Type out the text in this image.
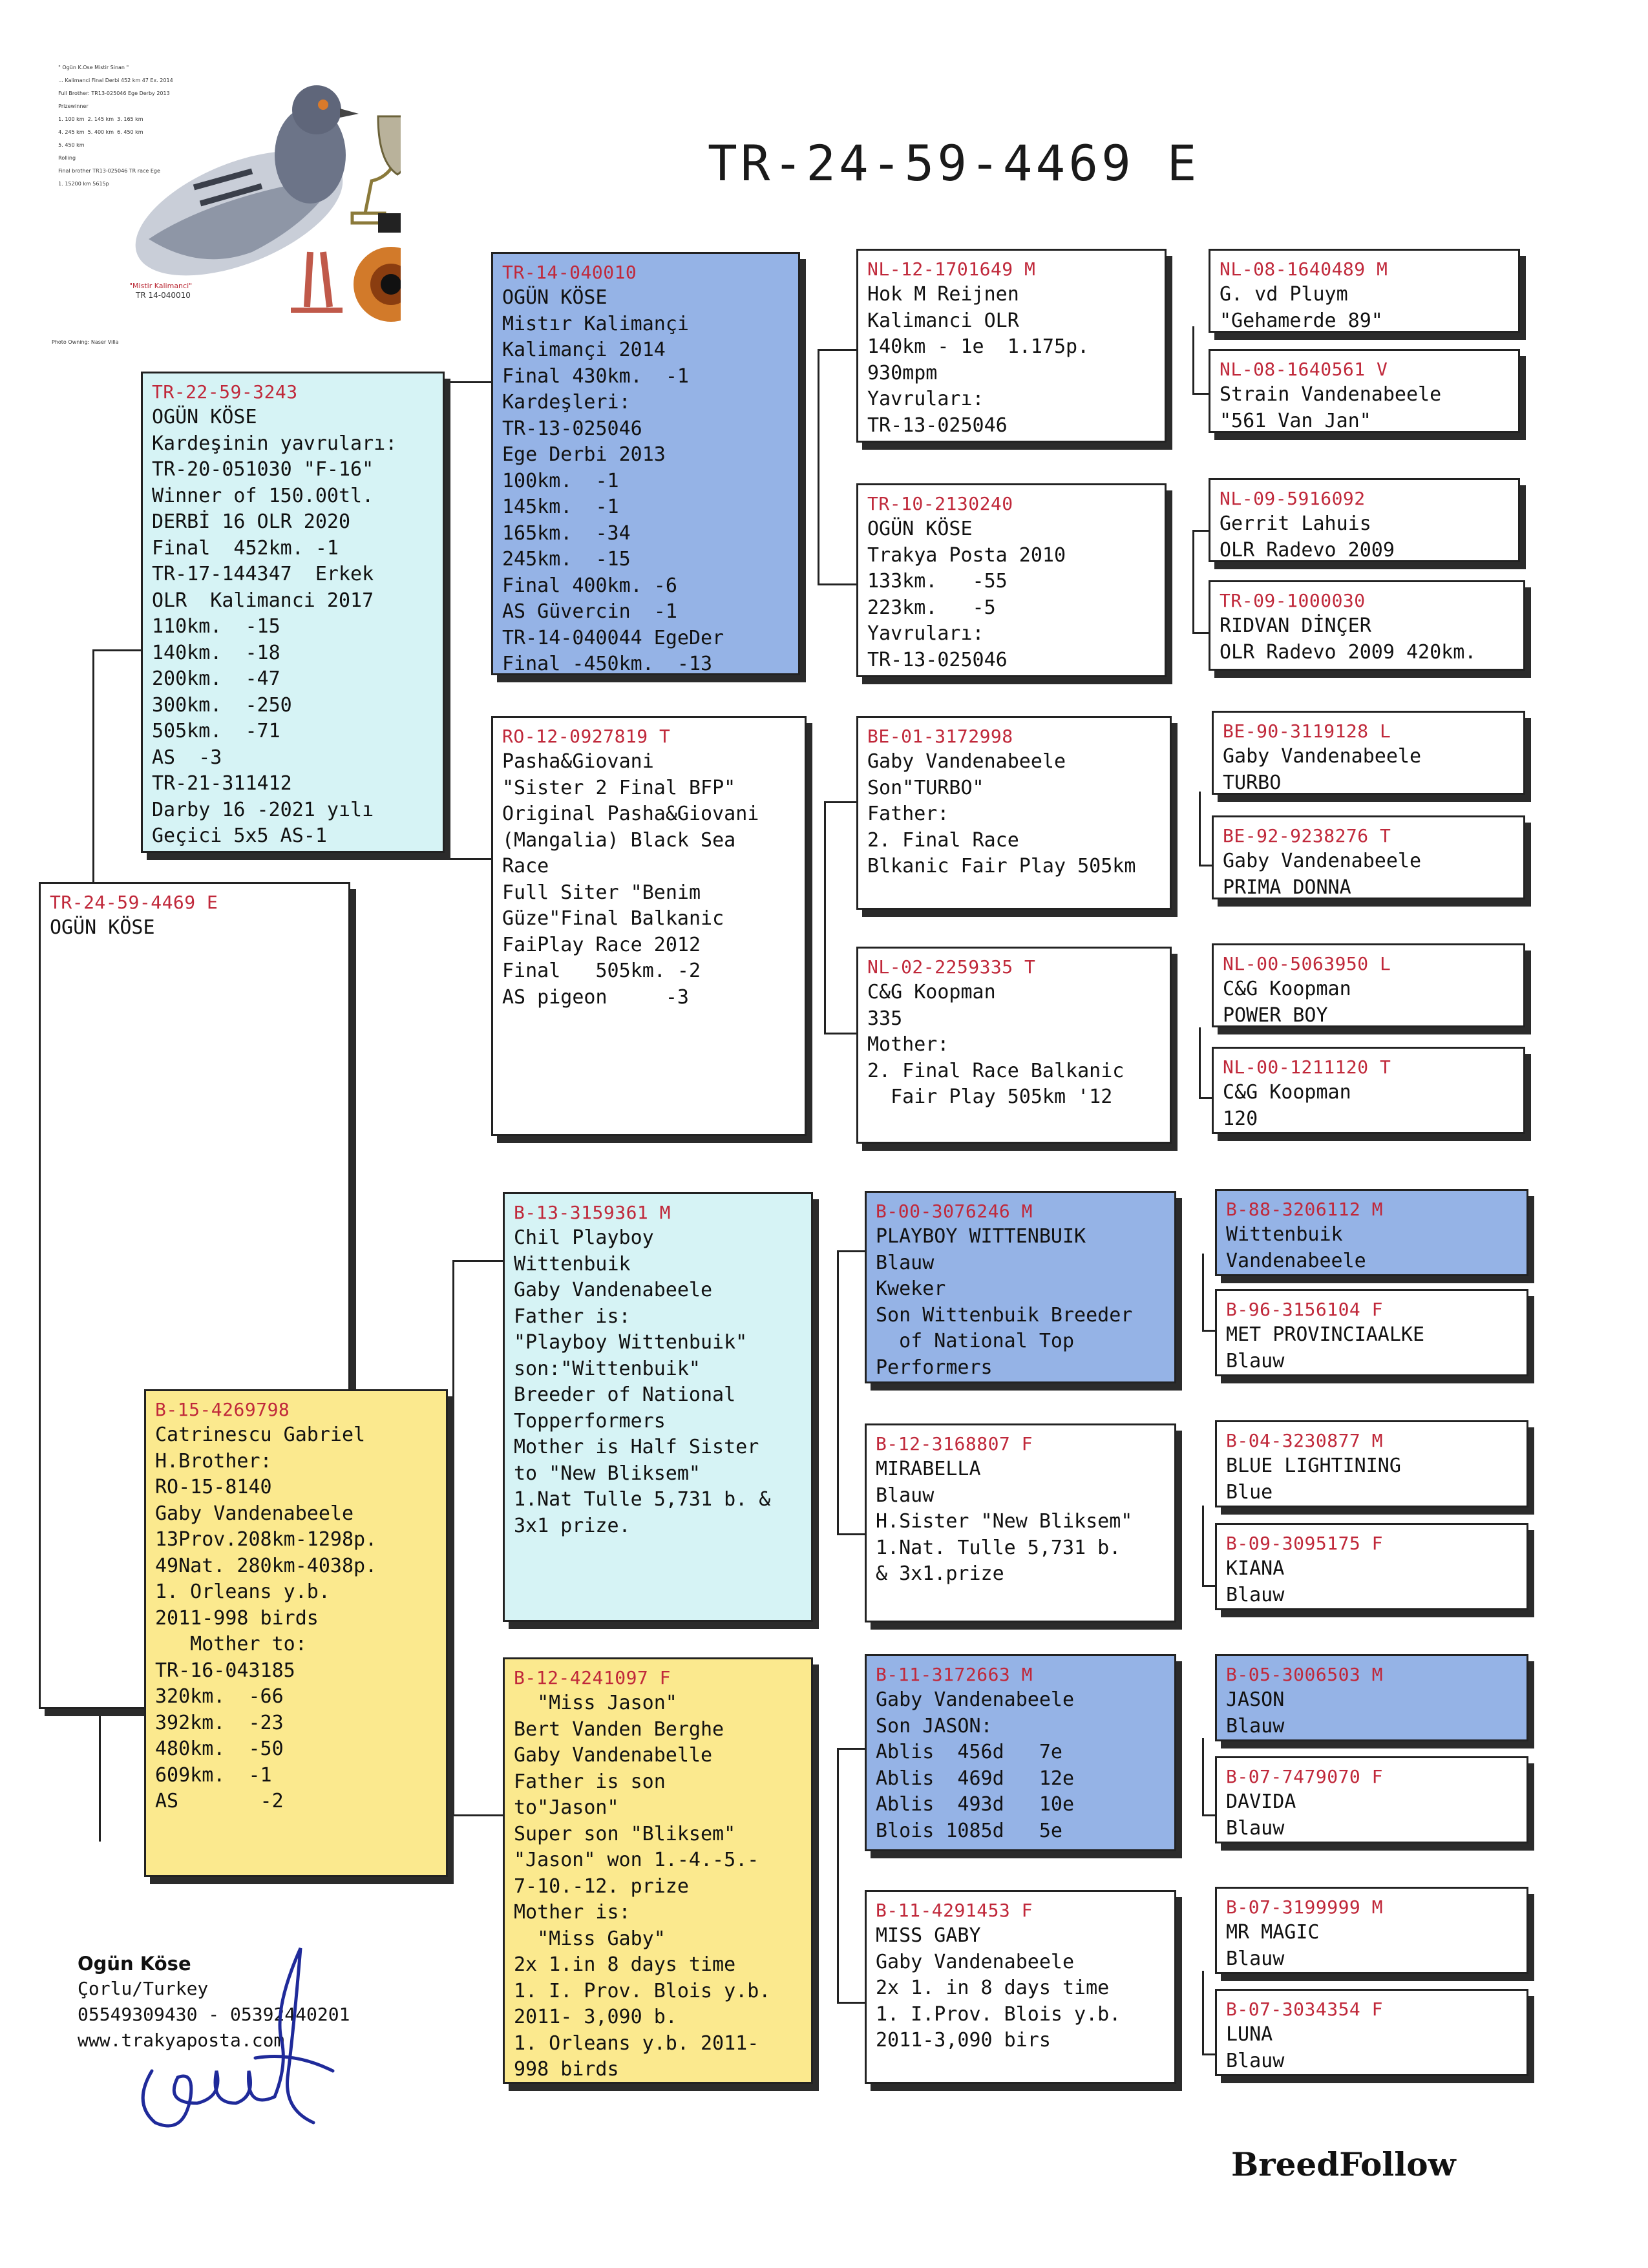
TR-24-59-4469 E

" Ogün K.Ose Mistir Sinan "

... Kalimanci Final Derbi 452 km 47 Ex. 2014

Full Brother: TR13-025046 Ege Derby 2013

Prizewinner

1. 100 km  2. 145 km  3. 165 km

4. 245 km  5. 400 km  6. 450 km

5. 450 km

Rolling

Final brother TR13-025046 TR race Ege

1. 15200 km 5615p

"Mistir Kalimanci"
TR 14-040010
Photo Owning: Naser Villa
TR-24-59-4469 E
OGÜN KÖSE
TR-22-59-3243
OGÜN KÖSE
Kardeşinin yavruları:
TR-20-051030 "F-16"
Winner of 150.00tl.
DERBİ 16 OLR 2020
Final  452km. -1
TR-17-144347  Erkek
OLR  Kalimanci 2017
110km.  -15
140km.  -18
200km.  -47
300km.  -250
505km.  -71
AS  -3
TR-21-311412
Darby 16 -2021 yılı
Geçici 5x5 AS-1
B-15-4269798
Catrinescu Gabriel
H.Brother:
RO-15-8140
Gaby Vandenabeele
13Prov.208km-1298p.
49Nat. 280km-4038p.
1. Orleans y.b.
2011-998 birds
Mother to:
TR-16-043185
320km.  -66
392km.  -23
480km.  -50
609km.  -1
AS       -2
TR-14-040010
OGÜN KÖSE
Mistır Kalimançi
Kalimançi 2014
Final 430km.  -1
Kardeşleri:
TR-13-025046
Ege Derbi 2013
100km.  -1
145km.  -1
165km.  -34
245km.  -15
Final 400km. -6
AS Güvercin  -1
TR-14-040044 EgeDer
Final -450km.  -13
RO-12-0927819 T
Pasha&Giovani
"Sister 2 Final BFP"
Original Pasha&Giovani
(Mangalia) Black Sea
Race
Full Siter "Benim
Güze"Final Balkanic
FaiPlay Race 2012
Final   505km. -2
AS pigeon     -3
B-13-3159361 M
Chil Playboy
Wittenbuik
Gaby Vandenabeele
Father is:
"Playboy Wittenbuik"
son:"Wittenbuik"
Breeder of National
Topperformers
Mother is Half Sister
to "New Bliksem"
1.Nat Tulle 5,731 b. &
3x1 prize.
B-12-4241097 F
"Miss Jason"
Bert Vanden Berghe
Gaby Vandenabelle
Father is son
to"Jason"
Super son "Bliksem"
"Jason" won 1.-4.-5.-
7-10.-12. prize
Mother is:
"Miss Gaby"
2x 1.in 8 days time
1. I. Prov. Blois y.b.
2011- 3,090 b.
1. Orleans y.b. 2011-
998 birds
NL-12-1701649 M
Hok M Reijnen
Kalimanci OLR
140km - 1e  1.175p.
930mpm
Yavruları:
TR-13-025046
TR-10-2130240
OGÜN KÖSE
Trakya Posta 2010
133km.   -55
223km.   -5
Yavruları:
TR-13-025046
BE-01-3172998
Gaby Vandenabeele
Son"TURBO"
Father:
2. Final Race
Blkanic Fair Play 505km
NL-02-2259335 T
C&G Koopman
335
Mother:
2. Final Race Balkanic
Fair Play 505km '12
B-00-3076246 M
PLAYBOY WITTENBUIK
Blauw
Kweker
Son Wittenbuik Breeder
of National Top
Performers
B-12-3168807 F
MIRABELLA
Blauw
H.Sister "New Bliksem"
1.Nat. Tulle 5,731 b.
& 3x1.prize
B-11-3172663 M
Gaby Vandenabeele
Son JASON:
Ablis  456d   7e
Ablis  469d   12e
Ablis  493d   10e
Blois 1085d   5e
B-11-4291453 F
MISS GABY
Gaby Vandenabeele
2x 1. in 8 days time
1. I.Prov. Blois y.b.
2011-3,090 birs
NL-08-1640489 M
G. vd Pluym
"Gehamerde 89"
NL-08-1640561 V
Strain Vandenabeele
"561 Van Jan"
NL-09-5916092
Gerrit Lahuis
OLR Radevo 2009
TR-09-1000030
RIDVAN DİNÇER
OLR Radevo 2009 420km.
BE-90-3119128 L
Gaby Vandenabeele
TURBO
BE-92-9238276 T
Gaby Vandenabeele
PRIMA DONNA
NL-00-5063950 L
C&G Koopman
POWER BOY
NL-00-1211120 T
C&G Koopman
120
B-88-3206112 M
Wittenbuik
Vandenabeele
B-96-3156104 F
MET PROVINCIAALKE
Blauw
B-04-3230877 M
BLUE LIGHTINING
Blue
B-09-3095175 F
KIANA
Blauw
B-05-3006503 M
JASON
Blauw
B-07-7479070 F
DAVIDA
Blauw
B-07-3199999 M
MR MAGIC
Blauw
B-07-3034354 F
LUNA
Blauw
Ogün Köse
Çorlu/Turkey
05549309430 - 05392440201
www.trakyaposta.com
BreedFollow
